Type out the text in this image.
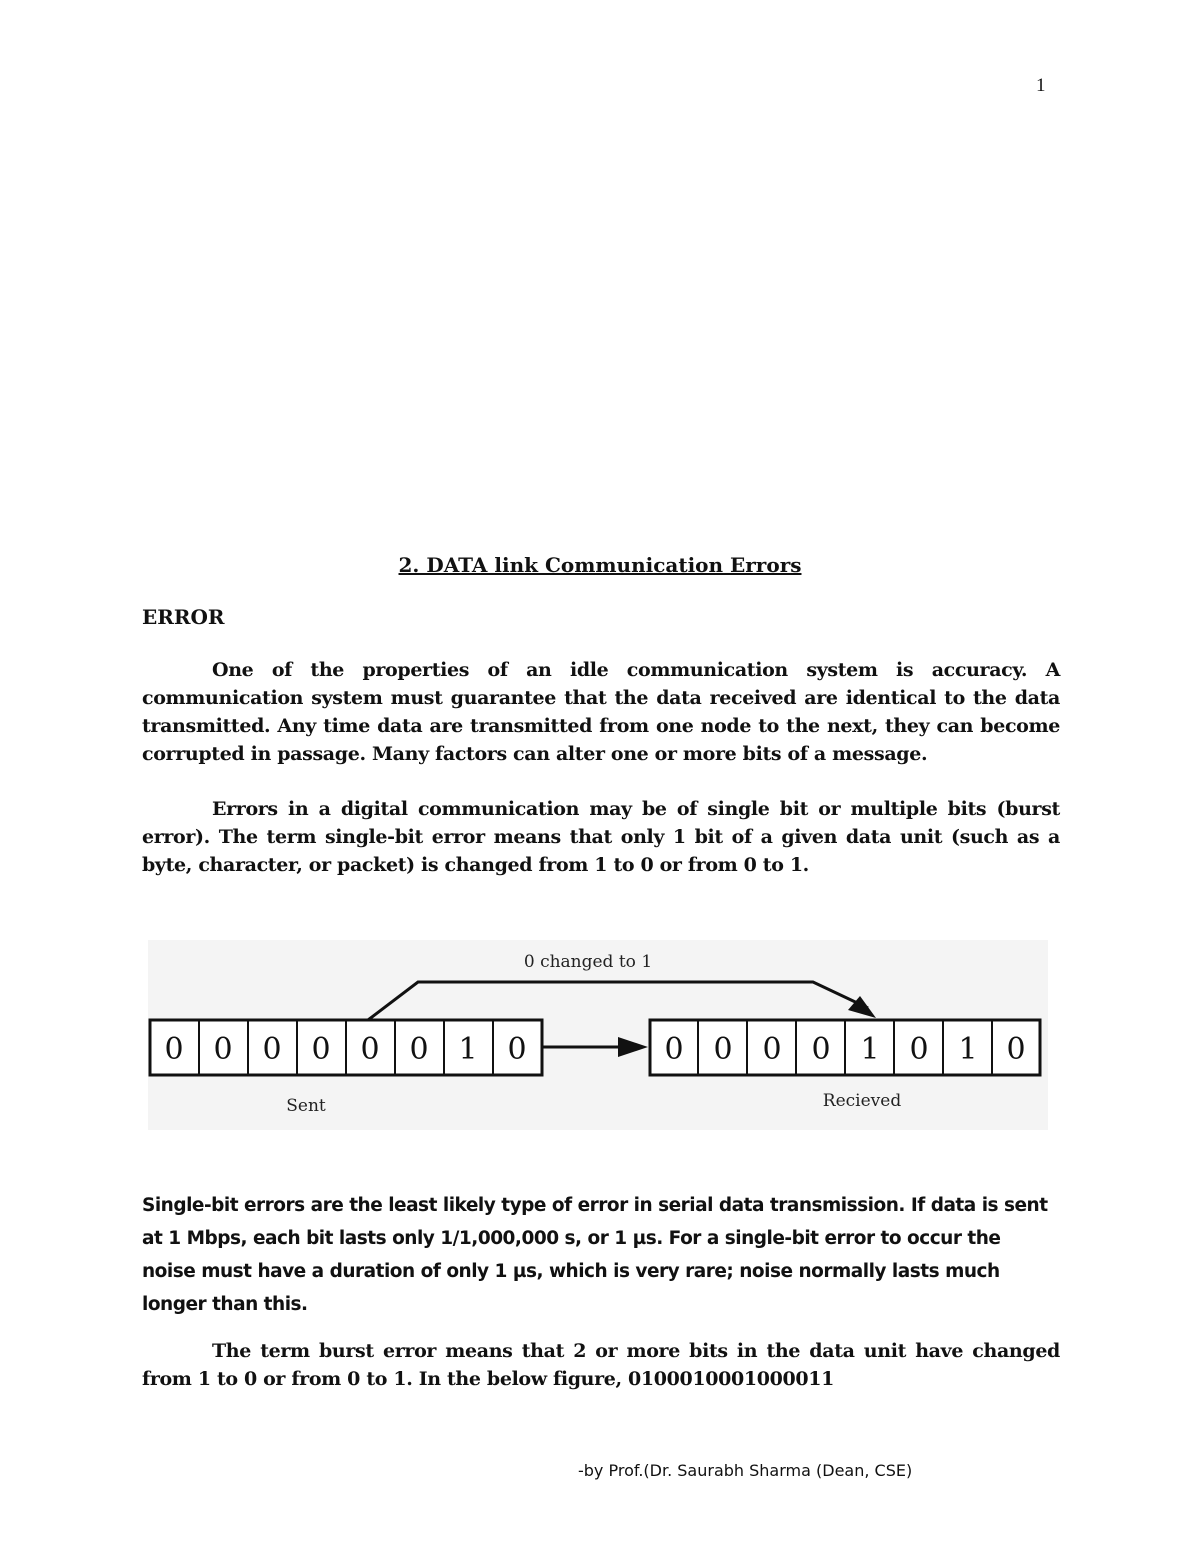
1
2. DATA link Communication Errors
ERROR

One of the properties of an idle communication system is accuracy. A communication system must guarantee that the data received are identical to the data transmitted. Any time data are transmitted from one node to the next, they can become corrupted in passage. Many factors can alter one or more bits of a message.

Errors in a digital communication may be of single bit or multiple bits (burst error). The term single-bit error means that only 1 bit of a given data unit (such as a byte, character, or packet) is changed from 1 to 0 or from 0 to 1.

0 changed to 1
0 0 0 0 0 0 1 0	0 0 0 0 1 0 1 0
Sent	Recieved

Single-bit errors are the least likely type of error in serial data transmission. If data is sent at 1 Mbps, each bit lasts only 1/1,000,000 s, or 1 µs. For a single-bit error to occur the noise must have a duration of only 1 µs, which is very rare; noise normally lasts much longer than this.

The term burst error means that 2 or more bits in the data unit have changed from 1 to 0 or from 0 to 1. In the below figure, 0100010001000011

-by Prof.(Dr. Saurabh Sharma (Dean, CSE)
